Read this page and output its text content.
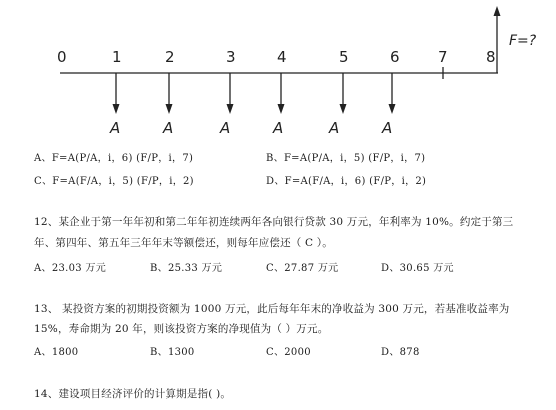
F=?
0	1	2	3	4	5	6	7	8
A	A	A	A	A	A
A、F=A(P/A，i，6) (F/P，i，7)	B、F=A(P/A，i，5) (F/P，i，7)
C、F=A(F/A，i，5) (F/P，i，2)	D、F=A(F/A，i，6) (F/P，i，2)
12、某企业于第一年年初和第二年年初连续两年各向银行贷款 30 万元，年利率为 10%。约定于第三
年、第四年、第五年三年年末等额偿还，则每年应偿还（ C ）。
A、23.03 万元	B、25.33 万元	C、27.87 万元	D、30.65 万元
13、 某投资方案的初期投资额为 1000 万元，此后每年年末的净收益为 300 万元，若基准收益率为
15%，寿命期为 20 年，则该投资方案的净现值为（ ）万元。
A、1800	B、1300	C、2000	D、878
14、建设项目经济评价的计算期是指( )。
